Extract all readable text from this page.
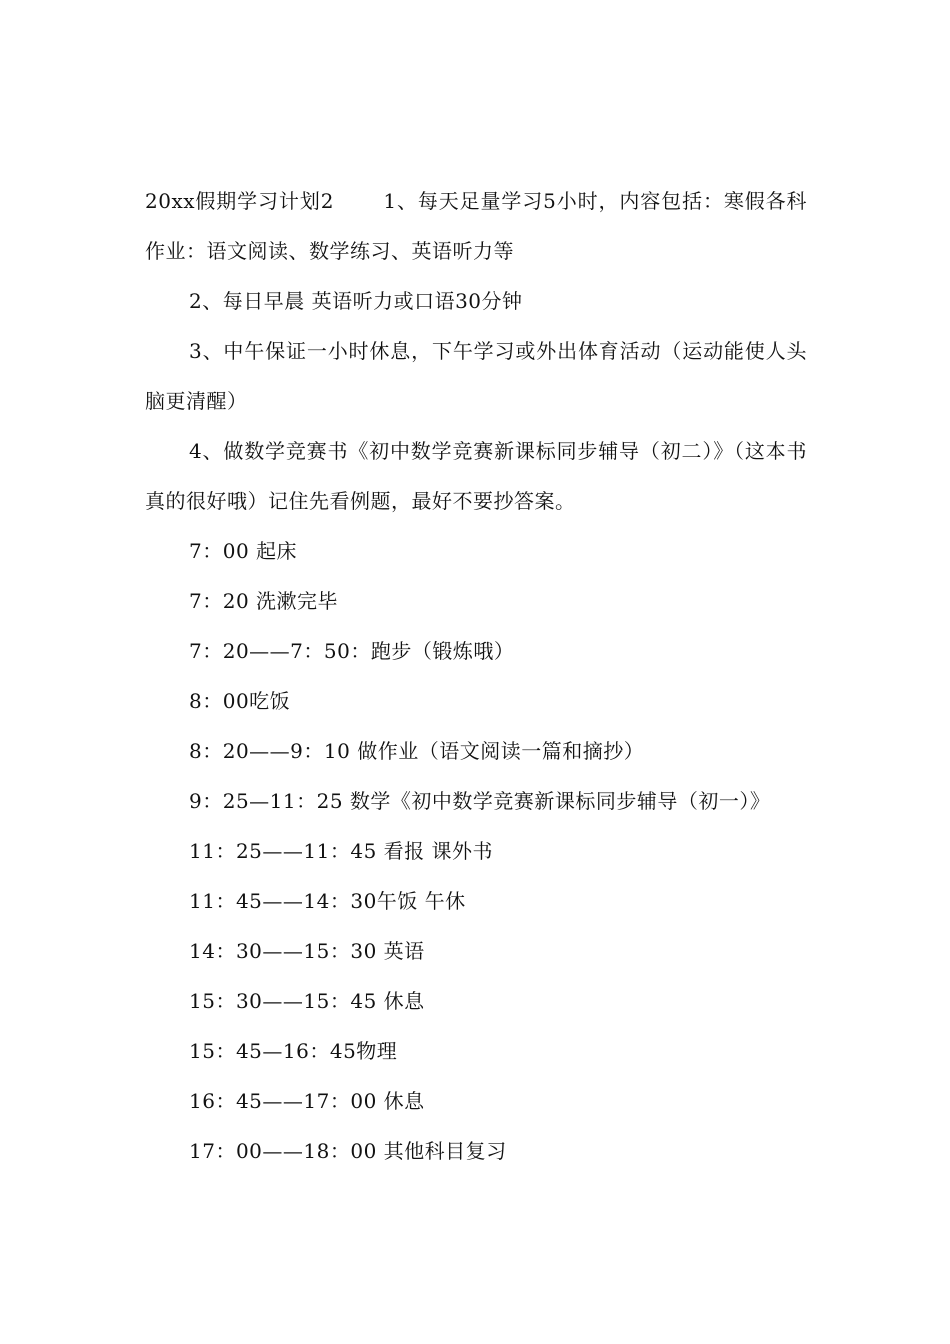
20xx假期学习计划2　　 1、每天足量学习5小时，内容包括：寒假各科作业：语文阅读、数学练习、英语听力等

2、每日早晨 英语听力或口语30分钟

3、中午保证一小时休息，下午学习或外出体育活动（运动能使人头脑更清醒）

4、做数学竞赛书《初中数学竞赛新课标同步辅导（初二）》（这本书真的很好哦）记住先看例题，最好不要抄答案。

7：00 起床

7：20 洗漱完毕

7：20——7：50：跑步（锻炼哦）

8：00吃饭

8：20——9：10 做作业（语文阅读一篇和摘抄）

9：25—11：25 数学《初中数学竞赛新课标同步辅导（初一）》

11：25——11：45 看报 课外书

11：45——14：30午饭 午休

14：30——15：30 英语

15：30——15：45 休息

15：45—16：45物理

16：45——17：00 休息

17：00——18：00 其他科目复习
